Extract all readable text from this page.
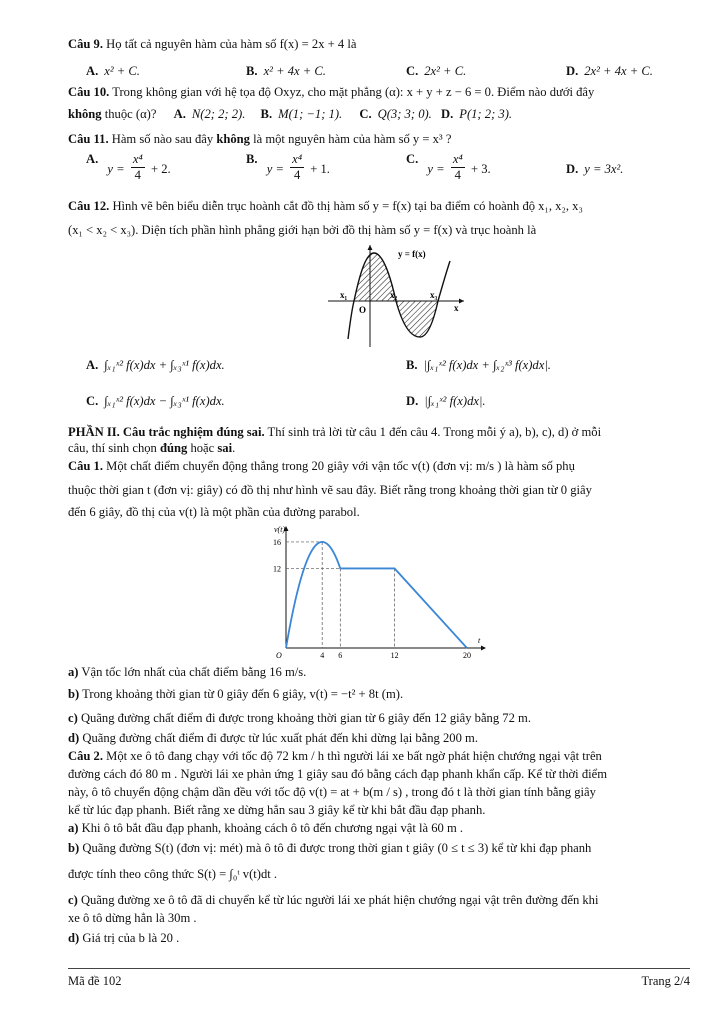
Câu 9. Họ tất cả nguyên hàm của hàm số f(x) = 2x + 4 là
A. x² + C.	B. x² + 4x + C.	C. 2x² + C.	D. 2x² + 4x + C.
Câu 10. Trong không gian với hệ tọa độ Oxyz, cho mặt phẳng (α): x + y + z − 6 = 0. Điểm nào dưới đây
không thuộc (α)? A. N(2; 2; 2). B. M(1; −1; 1). C. Q(3; 3; 0). D. P(1; 2; 3).
Câu 11. Hàm số nào sau đây không là một nguyên hàm của hàm số y = x³ ?
A. $y = \frac{\text{x⁴}}{4} + 2$.
B. $y = \frac{\text{x⁴}}{4} + 1$.
C. $y = \frac{\text{x⁴}}{4} + 3$.	D. y = 3x².
Câu 12. Hình vẽ bên biểu diễn trục hoành cắt đồ thị hàm số y = f(x) tại ba điểm có hoành độ x₁, x₂, x₃
(x₁ < x₂ < x₃). Diện tích phần hình phẳng giới hạn bởi đồ thị hàm số y = f(x) và trục hoành là
y = f(x)
x₁	x₂	x₃
O	x
A. ∫ₓ₁ˣ² f(x)dx + ∫ₓ₃ˣ¹ f(x)dx.	B. |∫ₓ₁ˣ² f(x)dx + ∫ₓ₂ˣ³ f(x)dx|.
C. ∫ₓ₁ˣ² f(x)dx − ∫ₓ₃ˣ¹ f(x)dx.	D. |∫ₓ₁ˣ² f(x)dx|.
PHẦN II. Câu trắc nghiệm đúng sai. Thí sinh trả lời từ câu 1 đến câu 4. Trong mỗi ý a), b), c), d) ở mỗi
câu, thí sinh chọn đúng hoặc sai.
Câu 1. Một chất điểm chuyển động thẳng trong 20 giây với vận tốc v(t) (đơn vị: m/s ) là hàm số phụ
thuộc thời gian t (đơn vị: giây) có đồ thị như hình vẽ sau đây. Biết rằng trong khoảng thời gian từ 0 giây
đến 6 giây, đồ thị của v(t) là một phần của đường parabol.
4 6	12	20
12
16
v(t)
t
O
a) Vận tốc lớn nhất của chất điểm bằng 16 m/s.
b) Trong khoảng thời gian từ 0 giây đến 6 giây, v(t) = −t² + 8t (m).
c) Quãng đường chất điểm đi được trong khoảng thời gian từ 6 giây đến 12 giây bằng 72 m.
d) Quãng đường chất điểm đi được từ lúc xuất phát đến khi dừng lại bằng 200 m.
Câu 2. Một xe ô tô đang chạy với tốc độ 72 km / h thì người lái xe bất ngờ phát hiện chướng ngại vật trên
đường cách đó 80 m . Người lái xe phản ứng 1 giây sau đó bằng cách đạp phanh khẩn cấp. Kể từ thời điểm
này, ô tô chuyển động chậm dần đều với tốc độ v(t) = at + b(m / s) , trong đó t là thời gian tính bằng giây
kể từ lúc đạp phanh. Biết rằng xe dừng hẳn sau 3 giây kể từ khi bắt đầu đạp phanh.
a) Khi ô tô bắt đầu đạp phanh, khoảng cách ô tô đến chương ngại vật là 60 m .
b) Quãng đường S(t) (đơn vị: mét) mà ô tô đi được trong thời gian t giây (0 ≤ t ≤ 3) kể từ khi đạp phanh
được tính theo công thức S(t) = ∫₀ᵗ v(t)dt .
c) Quãng đường xe ô tô đã di chuyển kể từ lúc người lái xe phát hiện chướng ngại vật trên đường đến khi
xe ô tô dừng hẳn là 30m .
d) Giá trị của b là 20 .
Mã đề 102	Trang 2/4
